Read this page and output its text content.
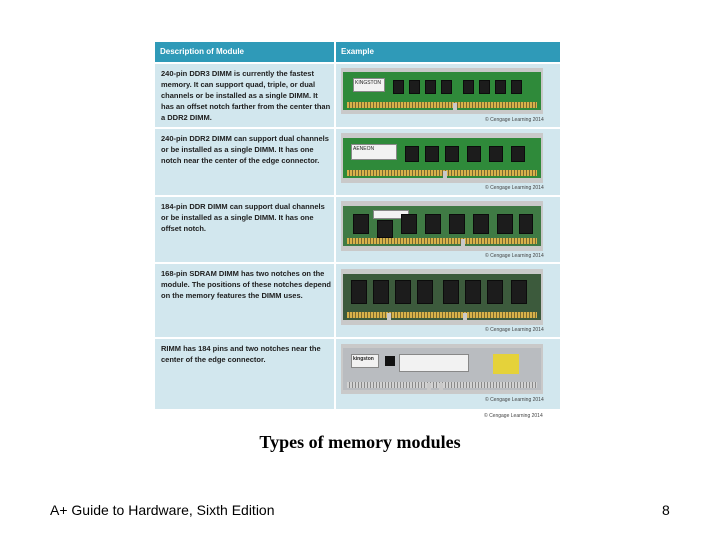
Description of Module	Example
240-pin DDR3 DIMM is currently the fastest memory. It can support quad, triple, or dual channels or be installed as a single DIMM. It has an offset notch farther from the center than a DDR2 DIMM.
KINGSTON
© Cengage Learning 2014
240-pin DDR2 DIMM can support dual channels or be installed as a single DIMM. It has one notch near the center of the edge connector.
AENEON
© Cengage Learning 2014
184-pin DDR DIMM can support dual channels or be installed as a single DIMM. It has one offset notch.
© Cengage Learning 2014
168-pin SDRAM DIMM has two notches on the module. The positions of these notches depend on the memory features the DIMM uses.
© Cengage Learning 2014
RIMM has 184 pins and two notches near the center of the edge connector.	kingston
© Cengage Learning 2014
© Cengage Learning 2014
Types of memory modules
A+ Guide to Hardware, Sixth Edition	8
